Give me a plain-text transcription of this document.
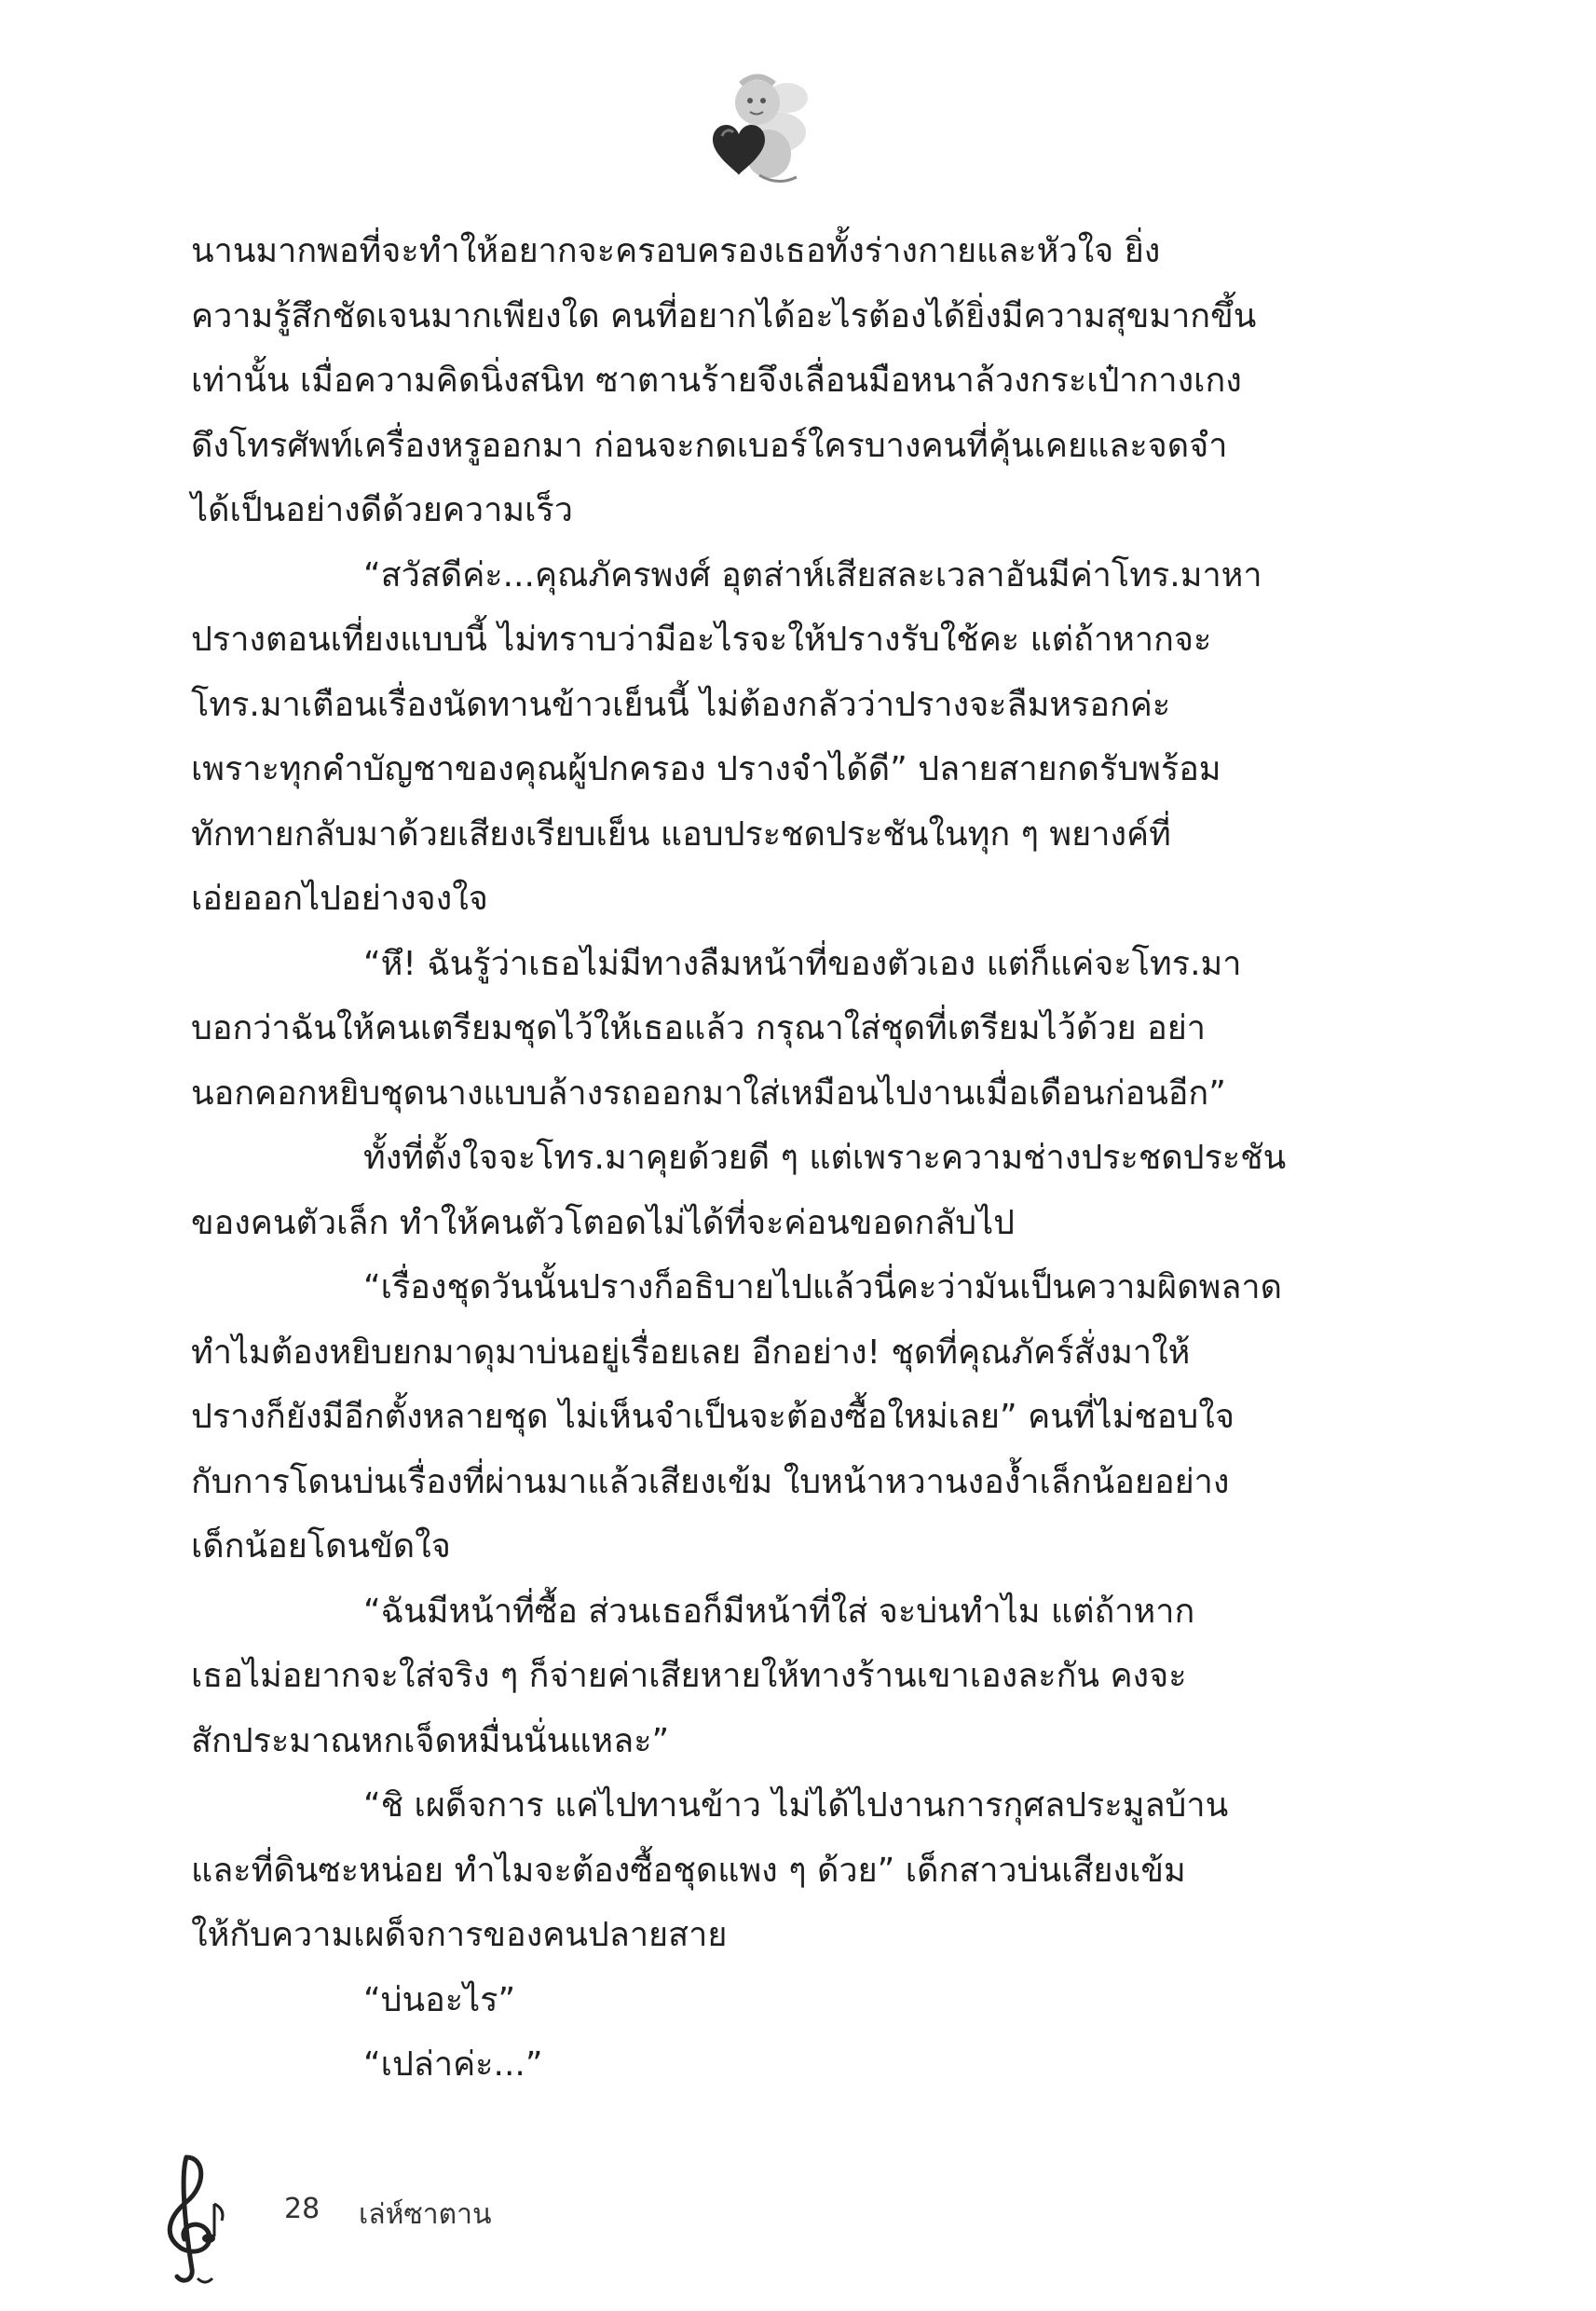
นานมากพอที่จะทำให้อยากจะครอบครองเธอทั้งร่างกายและหัวใจ ยิ่ง
ความรู้สึกชัดเจนมากเพียงใด คนที่อยากได้อะไรต้องได้ยิ่งมีความสุขมากขึ้น
เท่านั้น เมื่อความคิดนิ่งสนิท ซาตานร้ายจึงเลื่อนมือหนาล้วงกระเป๋ากางเกง
ดึงโทรศัพท์เครื่องหรูออกมา ก่อนจะกดเบอร์ใครบางคนที่คุ้นเคยและจดจำ
ได้เป็นอย่างดีด้วยความเร็ว
“สวัสดีค่ะ...คุณภัครพงศ์ อุตส่าห์เสียสละเวลาอันมีค่าโทร.มาหา
ปรางตอนเที่ยงแบบนี้ ไม่ทราบว่ามีอะไรจะให้ปรางรับใช้คะ แต่ถ้าหากจะ
โทร.มาเตือนเรื่องนัดทานข้าวเย็นนี้ ไม่ต้องกลัวว่าปรางจะลืมหรอกค่ะ
เพราะทุกคำบัญชาของคุณผู้ปกครอง ปรางจำได้ดี” ปลายสายกดรับพร้อม
ทักทายกลับมาด้วยเสียงเรียบเย็น แอบประชดประชันในทุก ๆ พยางค์ที่
เอ่ยออกไปอย่างจงใจ
“หึ! ฉันรู้ว่าเธอไม่มีทางลืมหน้าที่ของตัวเอง แต่ก็แค่จะโทร.มา
บอกว่าฉันให้คนเตรียมชุดไว้ให้เธอแล้ว กรุณาใส่ชุดที่เตรียมไว้ด้วย อย่า
นอกคอกหยิบชุดนางแบบล้างรถออกมาใส่เหมือนไปงานเมื่อเดือนก่อนอีก”
ทั้งที่ตั้งใจจะโทร.มาคุยด้วยดี ๆ แต่เพราะความช่างประชดประชัน
ของคนตัวเล็ก ทำให้คนตัวโตอดไม่ได้ที่จะค่อนขอดกลับไป
“เรื่องชุดวันนั้นปรางก็อธิบายไปแล้วนี่คะว่ามันเป็นความผิดพลาด
ทำไมต้องหยิบยกมาดุมาบ่นอยู่เรื่อยเลย อีกอย่าง! ชุดที่คุณภัคร์สั่งมาให้
ปรางก็ยังมีอีกตั้งหลายชุด ไม่เห็นจำเป็นจะต้องซื้อใหม่เลย” คนที่ไม่ชอบใจ
กับการโดนบ่นเรื่องที่ผ่านมาแล้วเสียงเข้ม ใบหน้าหวานงอง้ำเล็กน้อยอย่าง
เด็กน้อยโดนขัดใจ
“ฉันมีหน้าที่ซื้อ ส่วนเธอก็มีหน้าที่ใส่ จะบ่นทำไม แต่ถ้าหาก
เธอไม่อยากจะใส่จริง ๆ ก็จ่ายค่าเสียหายให้ทางร้านเขาเองละกัน คงจะ
สักประมาณหกเจ็ดหมื่นนั่นแหละ”
“ชิ เผด็จการ แค่ไปทานข้าว ไม่ได้ไปงานการกุศลประมูลบ้าน
และที่ดินซะหน่อย ทำไมจะต้องซื้อชุดแพง ๆ ด้วย” เด็กสาวบ่นเสียงเข้ม
ให้กับความเผด็จการของคนปลายสาย
“บ่นอะไร”
“เปล่าค่ะ...”
28 เล่ห์ซาตาน
